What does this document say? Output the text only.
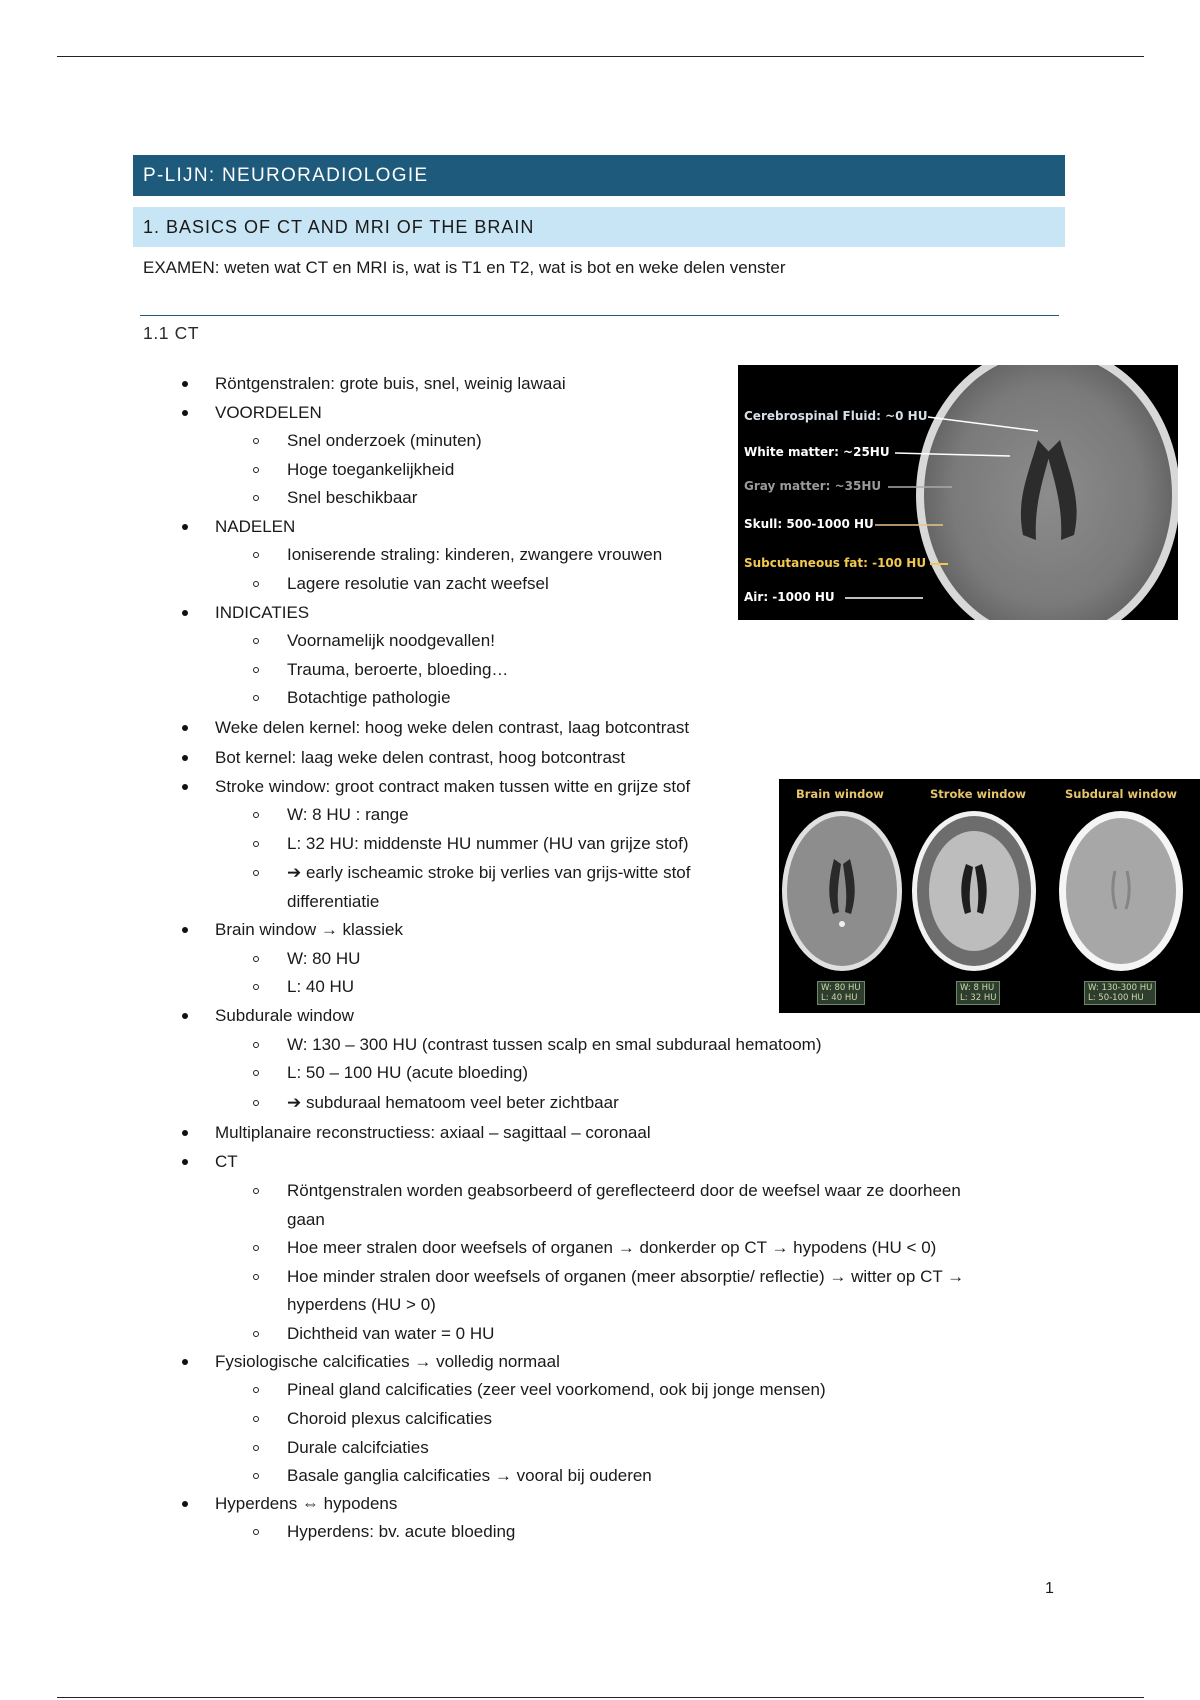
P-LIJN: NEURORADIOLOGIE
1. BASICS OF CT AND MRI OF THE BRAIN
EXAMEN: weten wat CT en MRI is, wat is T1 en T2, wat is bot en weke delen venster
1.1 CT
Röntgenstralen: grote buis, snel, weinig lawaai
VOORDELEN
Snel onderzoek (minuten)
Hoge toegankelijkheid
Snel beschikbaar
NADELEN
Ioniserende straling: kinderen, zwangere vrouwen
Lagere resolutie van zacht weefsel
INDICATIES
Voornamelijk noodgevallen!
Trauma, beroerte, bloeding…
Botachtige pathologie
Weke delen kernel: hoog weke delen contrast, laag botcontrast
Bot kernel: laag weke delen contrast, hoog botcontrast
Stroke window: groot contract maken tussen witte en grijze stof
W: 8 HU : range
L: 32 HU: middenste HU nummer (HU van grijze stof)
➔ early ischeamic stroke bij verlies van grijs-witte stof
differentiatie
Brain window → klassiek
W: 80 HU
L: 40 HU
Subdurale window
W: 130 – 300 HU (contrast tussen scalp en smal subduraal hematoom)
L: 50 – 100 HU (acute bloeding)
➔ subduraal hematoom veel beter zichtbaar
Multiplanaire reconstructiess: axiaal – sagittaal – coronaal
CT
Röntgenstralen worden geabsorbeerd of gereflecteerd door de weefsel waar ze doorheen
gaan
Hoe meer stralen door weefsels of organen → donkerder op CT → hypodens (HU < 0)
Hoe minder stralen door weefsels of organen (meer absorptie/ reflectie) → witter op CT →
hyperdens (HU > 0)
Dichtheid van water = 0 HU
Fysiologische calcificaties → volledig normaal
Pineal gland calcificaties (zeer veel voorkomend, ook bij jonge mensen)
Choroid plexus calcificaties
Durale calcifciaties
Basale ganglia calcificaties → vooral bij ouderen
Hyperdens ⇔ hypodens
Hyperdens: bv. acute bloeding
Cerebrospinal Fluid: ~0 HU
White matter: ~25HU
Gray matter: ~35HU
Skull: 500-1000 HU
Subcutaneous fat: -100 HU
Air: -1000 HU
Brain window	Stroke window	Subdural window
W: 80 HU
L: 40 HU
W: 8 HU
L: 32 HU
W: 130-300 HU
L: 50-100 HU
1
